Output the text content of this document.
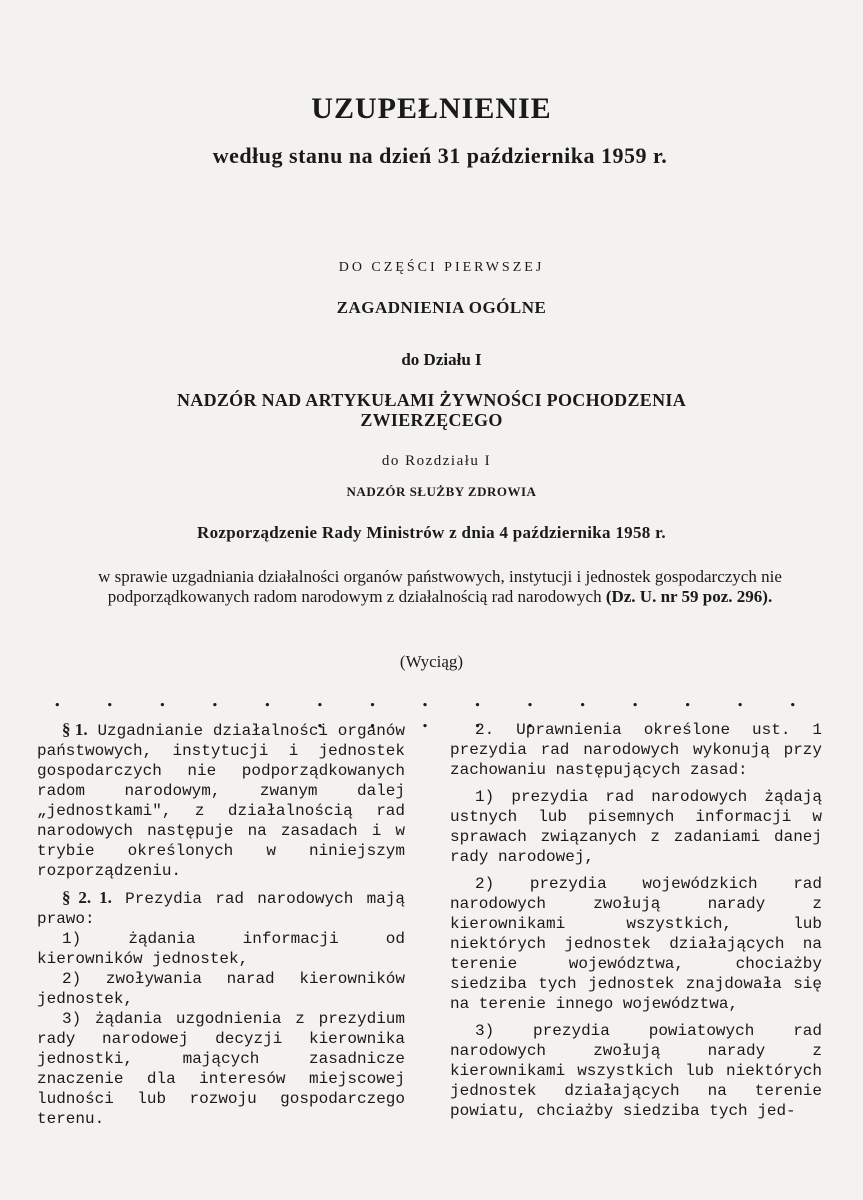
UZUPEŁNIENIE
według stanu na dzień 31 października 1959 r.
DO CZĘŚCI PIERWSZEJ
ZAGADNIENIA OGÓLNE
do Działu I
NADZÓR NAD ARTYKUŁAMI ŻYWNOŚCI POCHODZENIA
ZWIERZĘCEGO
do Rozdziału I
NADZÓR SŁUŻBY ZDROWIA
Rozporządzenie Rady Ministrów z dnia 4 października 1958 r.
w sprawie uzgadniania działalności organów państwowych, instytucji i jednostek gospodarczych nie podporządkowanych radom narodowym z działalnością rad narodowych (Dz. U. nr 59 poz. 296).
(Wyciąg)
. . . . . . . . . . . . . . . . . . . .

§ 1. Uzgadnianie działalności organów państwowych, instytucji i jednostek gospodarczych nie podporządkowanych radom narodowym, zwanym dalej „jednostkami", z działalnością rad narodowych następuje na zasadach i w trybie określonych w niniejszym rozporządzeniu.

§ 2. 1. Prezydia rad narodowych mają prawo:

1) żądania informacji od kierowników jednostek,

2) zwoływania narad kierowników jednostek,

3) żądania uzgodnienia z prezydium rady narodowej decyzji kierownika jednostki, mających zasadnicze znaczenie dla interesów miejscowej ludności lub rozwoju gospodarczego terenu.

2. Uprawnienia określone ust. 1 prezydia rad narodowych wykonują przy zachowaniu następujących zasad:

1) prezydia rad narodowych żądają ustnych lub pisemnych informacji w sprawach związanych z zadaniami danej rady narodowej,

2) prezydia wojewódzkich rad narodowych zwołują narady z kierownikami wszystkich, lub niektórych jednostek działających na terenie województwa, chociażby siedziba tych jednostek znajdowała się na terenie innego województwa,

3) prezydia powiatowych rad narodowych zwołują narady z kierownikami wszystkich lub niektórych jednostek działających na terenie powiatu, chciażby siedziba tych jed-
